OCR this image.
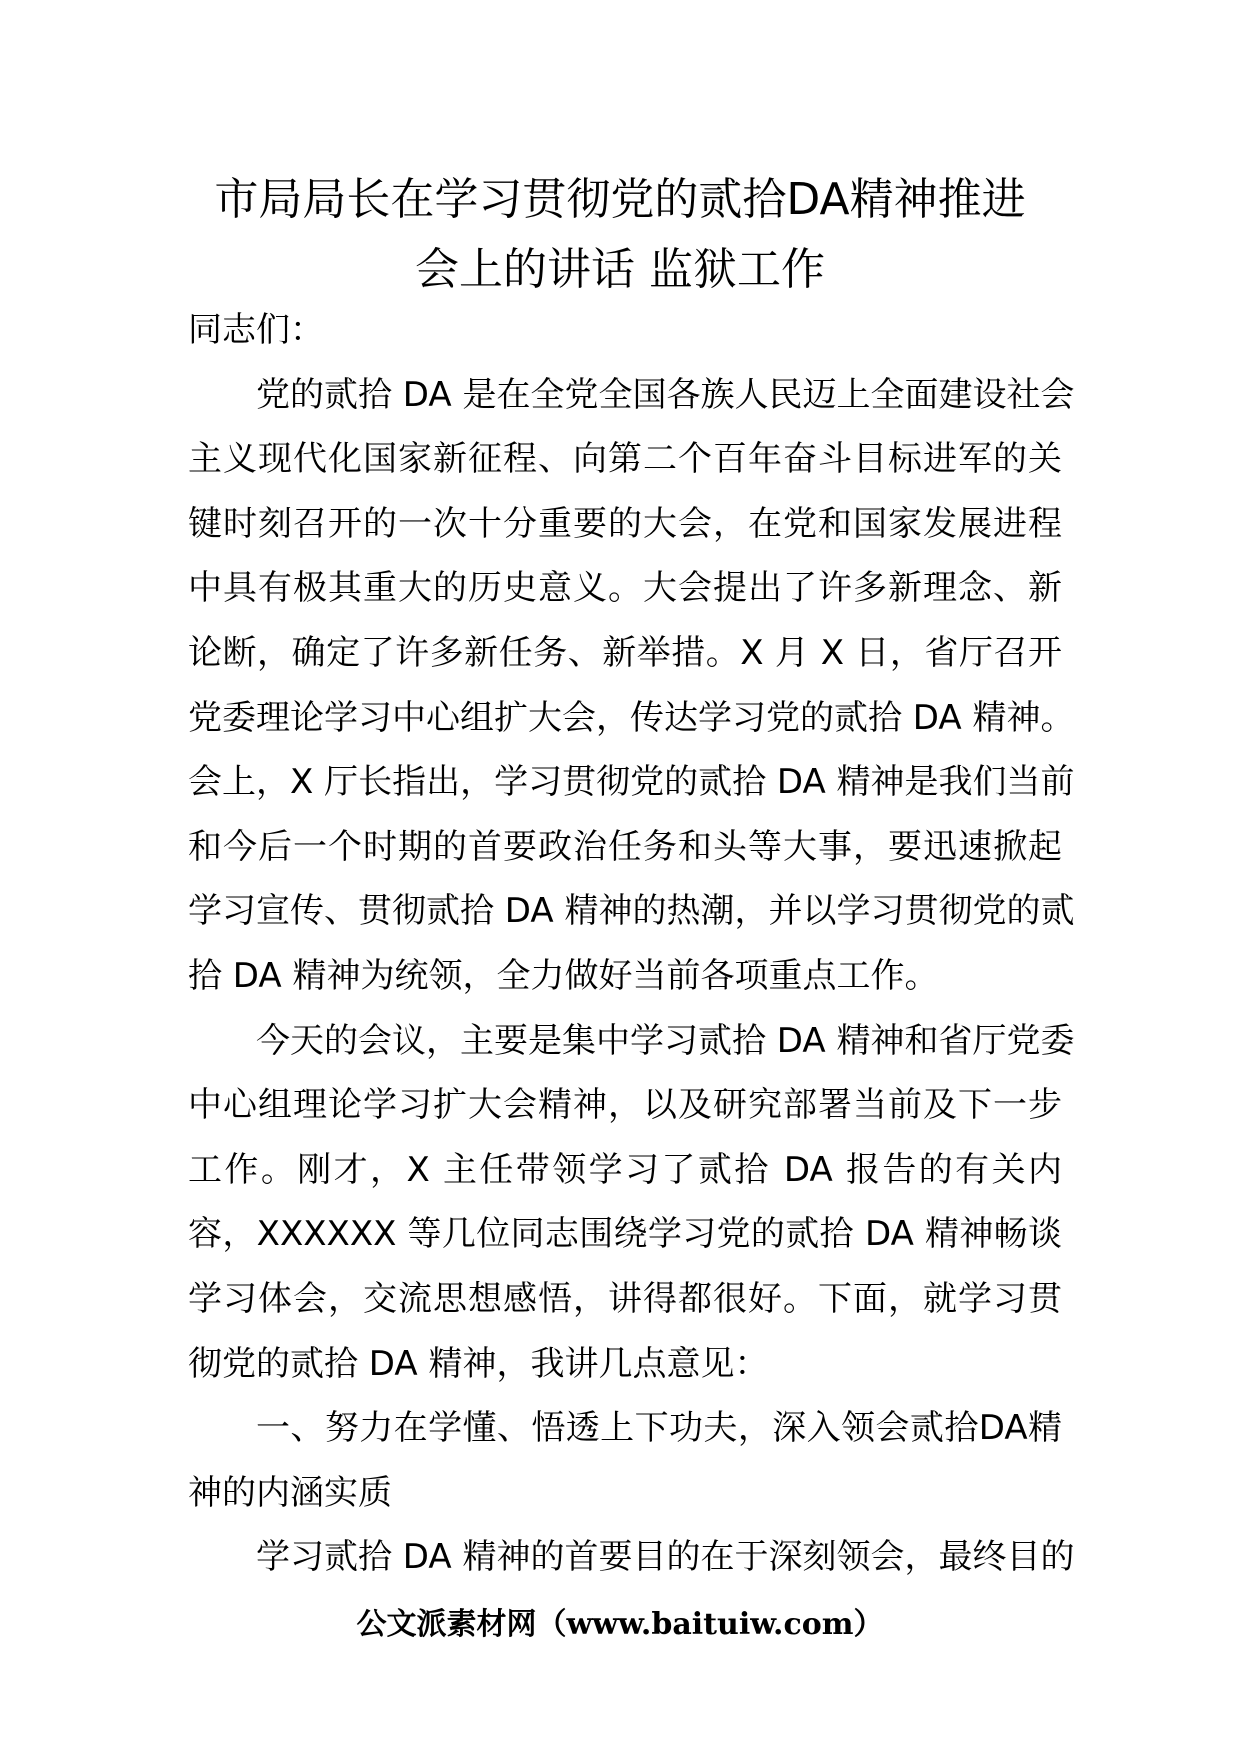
市局局长在学习贯彻党的贰拾DA精神推进
会上的讲话 监狱工作
同志们：
党的贰拾 DA 是在全党全国各族人民迈上全面建设社会
主义现代化国家新征程、向第二个百年奋斗目标进军的关
键时刻召开的一次十分重要的大会，在党和国家发展进程
中具有极其重大的历史意义。大会提出了许多新理念、新
论断，确定了许多新任务、新举措。X 月 X 日，省厅召开
党委理论学习中心组扩大会，传达学习党的贰拾 DA 精神。
会上，X 厅长指出，学习贯彻党的贰拾 DA 精神是我们当前
和今后一个时期的首要政治任务和头等大事，要迅速掀起
学习宣传、贯彻贰拾 DA 精神的热潮，并以学习贯彻党的贰
拾 DA 精神为统领，全力做好当前各项重点工作。
今天的会议，主要是集中学习贰拾 DA 精神和省厅党委
中心组理论学习扩大会精神，以及研究部署当前及下一步
工作。刚才，X 主任带领学习了贰拾 DA 报告的有关内
容，XXXXXX 等几位同志围绕学习党的贰拾 DA 精神畅谈
学习体会，交流思想感悟，讲得都很好。下面，就学习贯
彻党的贰拾 DA 精神，我讲几点意见：
一、努力在学懂、悟透上下功夫，深入领会贰拾DA精
神的内涵实质
学习贰拾 DA 精神的首要目的在于深刻领会，最终目的
公文派素材网（www.baituiw.com）
